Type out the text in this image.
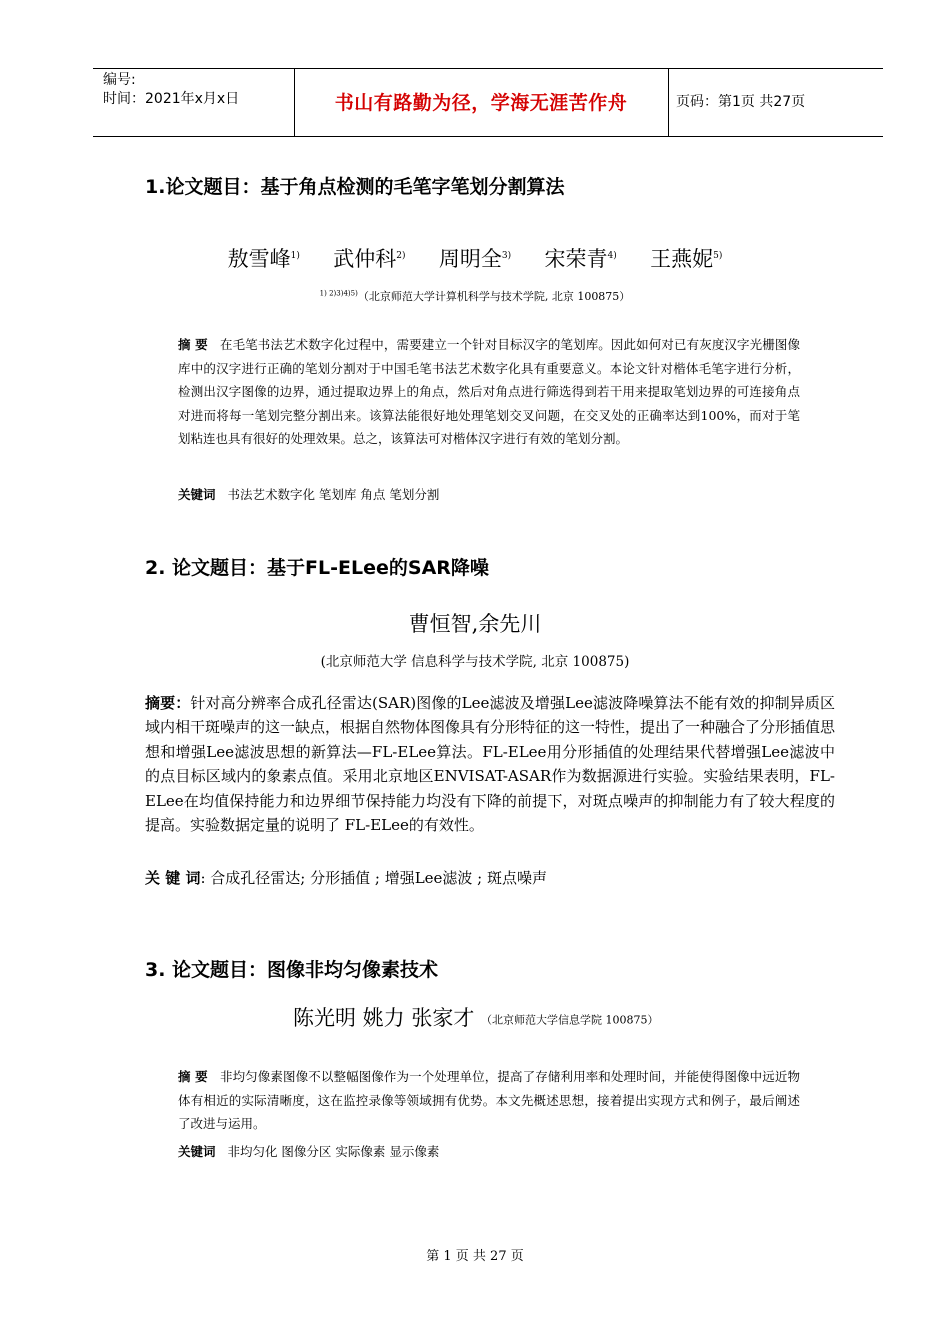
编号:
时间：2021年x月x日	书山有路勤为径，学海无涯苦作舟	页码：第1页 共27页
1.论文题目：基于角点检测的毛笔字笔划分割算法
敖雪峰$^{1)}$ 武仲科$^{2)}$ 周明全$^{3)}$ 宋荣青$^{4)}$ 王燕妮$^{5)}$
$^{1) 2)3)4)5)}$（北京师范大学计算机科学与技术学院, 北京 100875）
摘 要 在毛笔书法艺术数字化过程中，需要建立一个针对目标汉字的笔划库。因此如何对已有灰度汉字光栅图像库中的汉字进行正确的笔划分割对于中国毛笔书法艺术数字化具有重要意义。本论文针对楷体毛笔字进行分析，检测出汉字图像的边界，通过提取边界上的角点，然后对角点进行筛选得到若干用来提取笔划边界的可连接角点对进而将每一笔划完整分割出来。该算法能很好地处理笔划交叉问题，在交叉处的正确率达到100%，而对于笔划粘连也具有很好的处理效果。总之，该算法可对楷体汉字进行有效的笔划分割。
关键词 书法艺术数字化 笔划库 角点 笔划分割
2. 论文题目：基于FL-ELee的SAR降噪
曹恒智,余先川
(北京师范大学 信息科学与技术学院, 北京 100875)
摘要：针对高分辨率合成孔径雷达(SAR)图像的Lee滤波及增强Lee滤波降噪算法不能有效的抑制异质区域内相干斑噪声的这一缺点，根据自然物体图像具有分形特征的这一特性，提出了一种融合了分形插值思想和增强Lee滤波思想的新算法—FL-ELee算法。FL-ELee用分形插值的处理结果代替增强Lee滤波中的点目标区域内的象素点值。采用北京地区ENVISAT-ASAR作为数据源进行实验。实验结果表明，FL-ELee在均值保持能力和边界细节保持能力均没有下降的前提下，对斑点噪声的抑制能力有了较大程度的提高。实验数据定量的说明了 FL-ELee的有效性。
关 键 词: 合成孔径雷达; 分形插值 ; 增强Lee滤波 ; 斑点噪声
3. 论文题目：图像非均匀像素技术
陈光明 姚力 张家才 （北京师范大学信息学院 100875）
摘 要 非均匀像素图像不以整幅图像作为一个处理单位，提高了存储利用率和处理时间，并能使得图像中远近物体有相近的实际清晰度，这在监控录像等领域拥有优势。本文先概述思想，接着提出实现方式和例子，最后阐述了改进与运用。
关键词 非均匀化 图像分区 实际像素 显示像素
第 1 页 共 27 页
